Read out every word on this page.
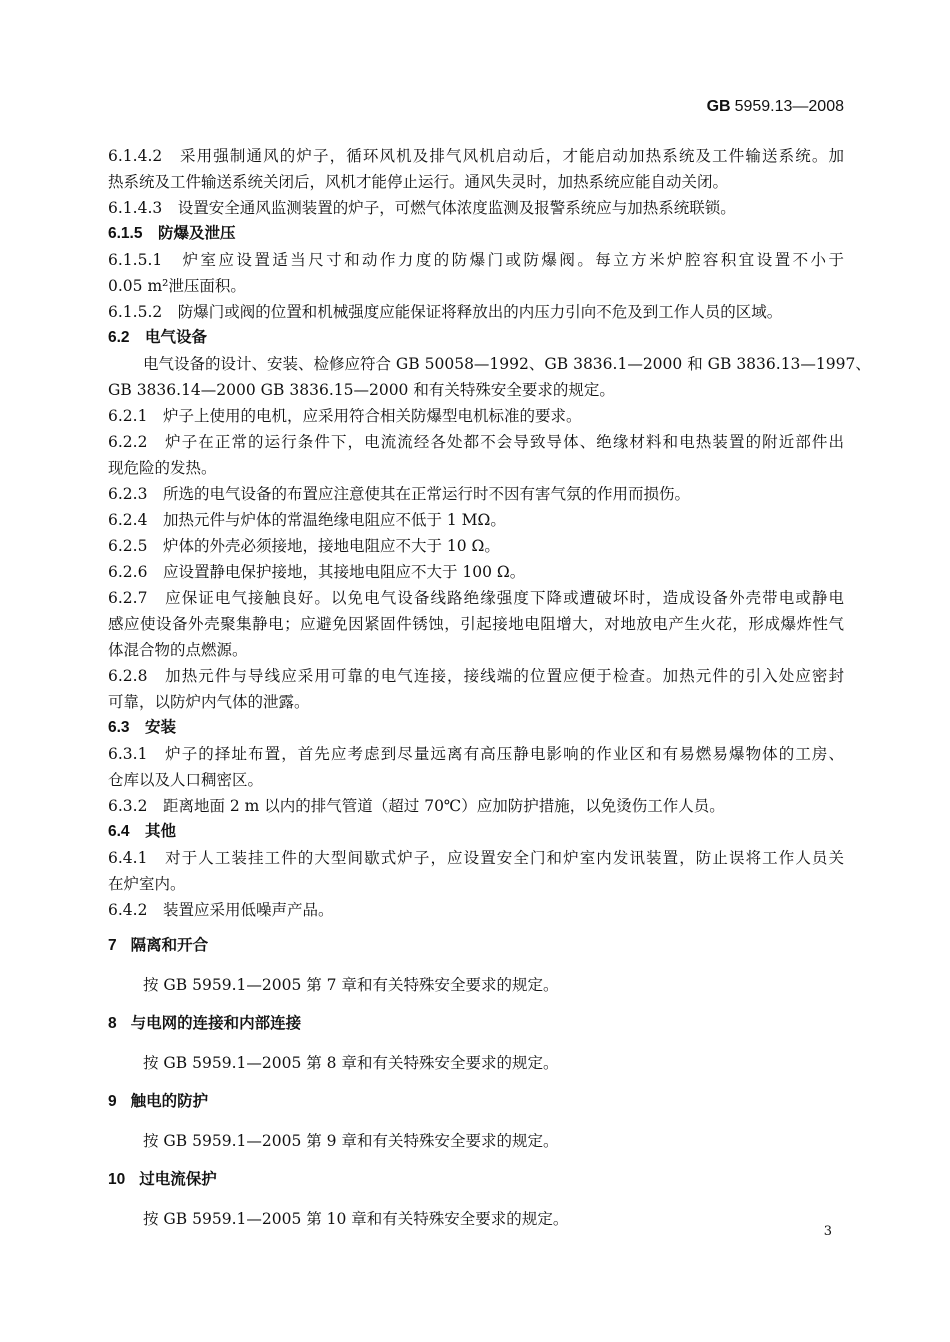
GB 5959.13—2008
6.1.4.2　采用强制通风的炉子，循环风机及排气风机启动后，才能启动加热系统及工件输送系统。加
热系统及工件输送系统关闭后，风机才能停止运行。通风失灵时，加热系统应能自动关闭。
6.1.4.3　设置安全通风监测装置的炉子，可燃气体浓度监测及报警系统应与加热系统联锁。
6.1.5　防爆及泄压
6.1.5.1　炉室应设置适当尺寸和动作力度的防爆门或防爆阀。每立方米炉腔容积宜设置不小于
0.05 m²泄压面积。
6.1.5.2　防爆门或阀的位置和机械强度应能保证将释放出的内压力引向不危及到工作人员的区域。
6.2　电气设备
电气设备的设计、安装、检修应符合 GB 50058—1992、GB 3836.1—2000 和 GB 3836.13—1997、
GB 3836.14—2000 GB 3836.15—2000 和有关特殊安全要求的规定。
6.2.1　炉子上使用的电机，应采用符合相关防爆型电机标准的要求。
6.2.2　炉子在正常的运行条件下，电流流经各处都不会导致导体、绝缘材料和电热装置的附近部件出
现危险的发热。
6.2.3　所选的电气设备的布置应注意使其在正常运行时不因有害气氛的作用而损伤。
6.2.4　加热元件与炉体的常温绝缘电阻应不低于 1 MΩ。
6.2.5　炉体的外壳必须接地，接地电阻应不大于 10 Ω。
6.2.6　应设置静电保护接地，其接地电阻应不大于 100 Ω。
6.2.7　应保证电气接触良好。以免电气设备线路绝缘强度下降或遭破坏时，造成设备外壳带电或静电
感应使设备外壳聚集静电；应避免因紧固件锈蚀，引起接地电阻增大，对地放电产生火花，形成爆炸性气
体混合物的点燃源。
6.2.8　加热元件与导线应采用可靠的电气连接，接线端的位置应便于检查。加热元件的引入处应密封
可靠，以防炉内气体的泄露。
6.3　安装
6.3.1　炉子的择址布置，首先应考虑到尽量远离有高压静电影响的作业区和有易燃易爆物体的工房、
仓库以及人口稠密区。
6.3.2　距离地面 2 m 以内的排气管道（超过 70℃）应加防护措施，以免烫伤工作人员。
6.4　其他
6.4.1　对于人工装挂工件的大型间歇式炉子，应设置安全门和炉室内发讯装置，防止误将工作人员关
在炉室内。
6.4.2　装置应采用低噪声产品。
7 隔离和开合
按 GB 5959.1—2005 第 7 章和有关特殊安全要求的规定。
8 与电网的连接和内部连接
按 GB 5959.1—2005 第 8 章和有关特殊安全要求的规定。
9 触电的防护
按 GB 5959.1—2005 第 9 章和有关特殊安全要求的规定。
10 过电流保护
按 GB 5959.1—2005 第 10 章和有关特殊安全要求的规定。
3
